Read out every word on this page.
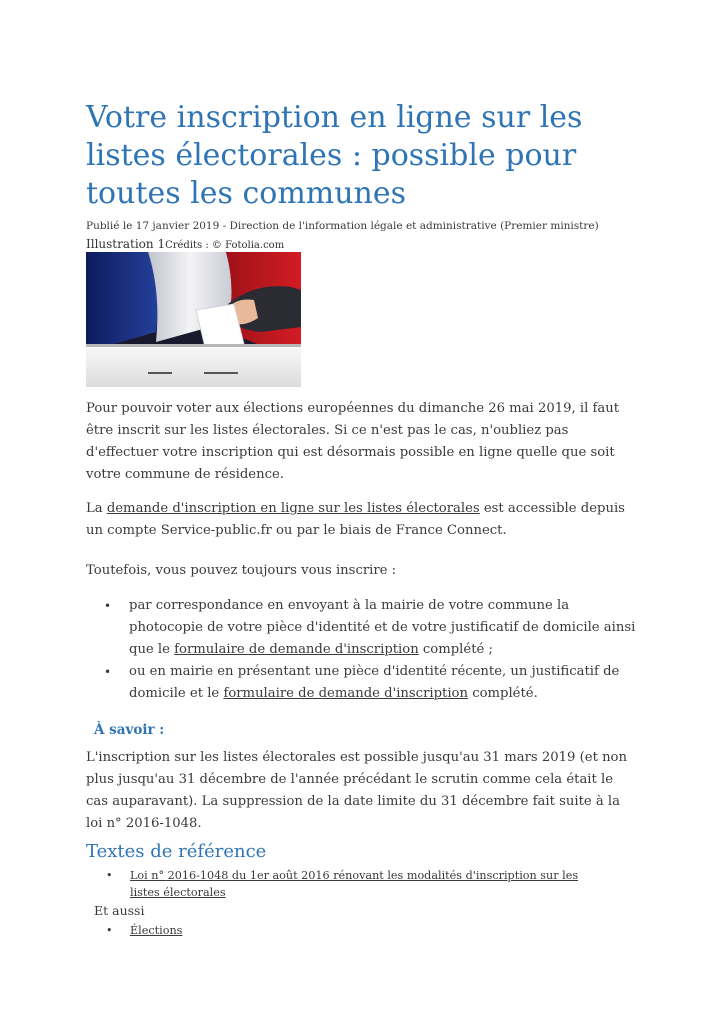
Votre inscription en ligne sur les listes électorales : possible pour toutes les communes
Publié le 17 janvier 2019 - Direction de l'information légale et administrative (Premier ministre)
Illustration 1Crédits : © Fotolia.com

Pour pouvoir voter aux élections européennes du dimanche 26 mai 2019, il faut être inscrit sur les listes électorales. Si ce n'est pas le cas, n'oubliez pas d'effectuer votre inscription qui est désormais possible en ligne quelle que soit votre commune de résidence.

La demande d'inscription en ligne sur les listes électorales est accessible depuis un compte Service-public.fr ou par le biais de France Connect.

Toutefois, vous pouvez toujours vous inscrire :

• par correspondance en envoyant à la mairie de votre commune la photocopie de votre pièce d'identité et de votre justificatif de domicile ainsi que le formulaire de demande d'inscription complété ;
• ou en mairie en présentant une pièce d'identité récente, un justificatif de domicile et le formulaire de demande d'inscription complété.
À savoir :

L'inscription sur les listes électorales est possible jusqu'au 31 mars 2019 (et non plus jusqu'au 31 décembre de l'année précédant le scrutin comme cela était le cas auparavant). La suppression de la date limite du 31 décembre fait suite à la loi n° 2016-1048.

Textes de référence
• Loi n° 2016-1048 du 1er août 2016 rénovant les modalités d'inscription sur les listes électorales
Et aussi
• Élections
